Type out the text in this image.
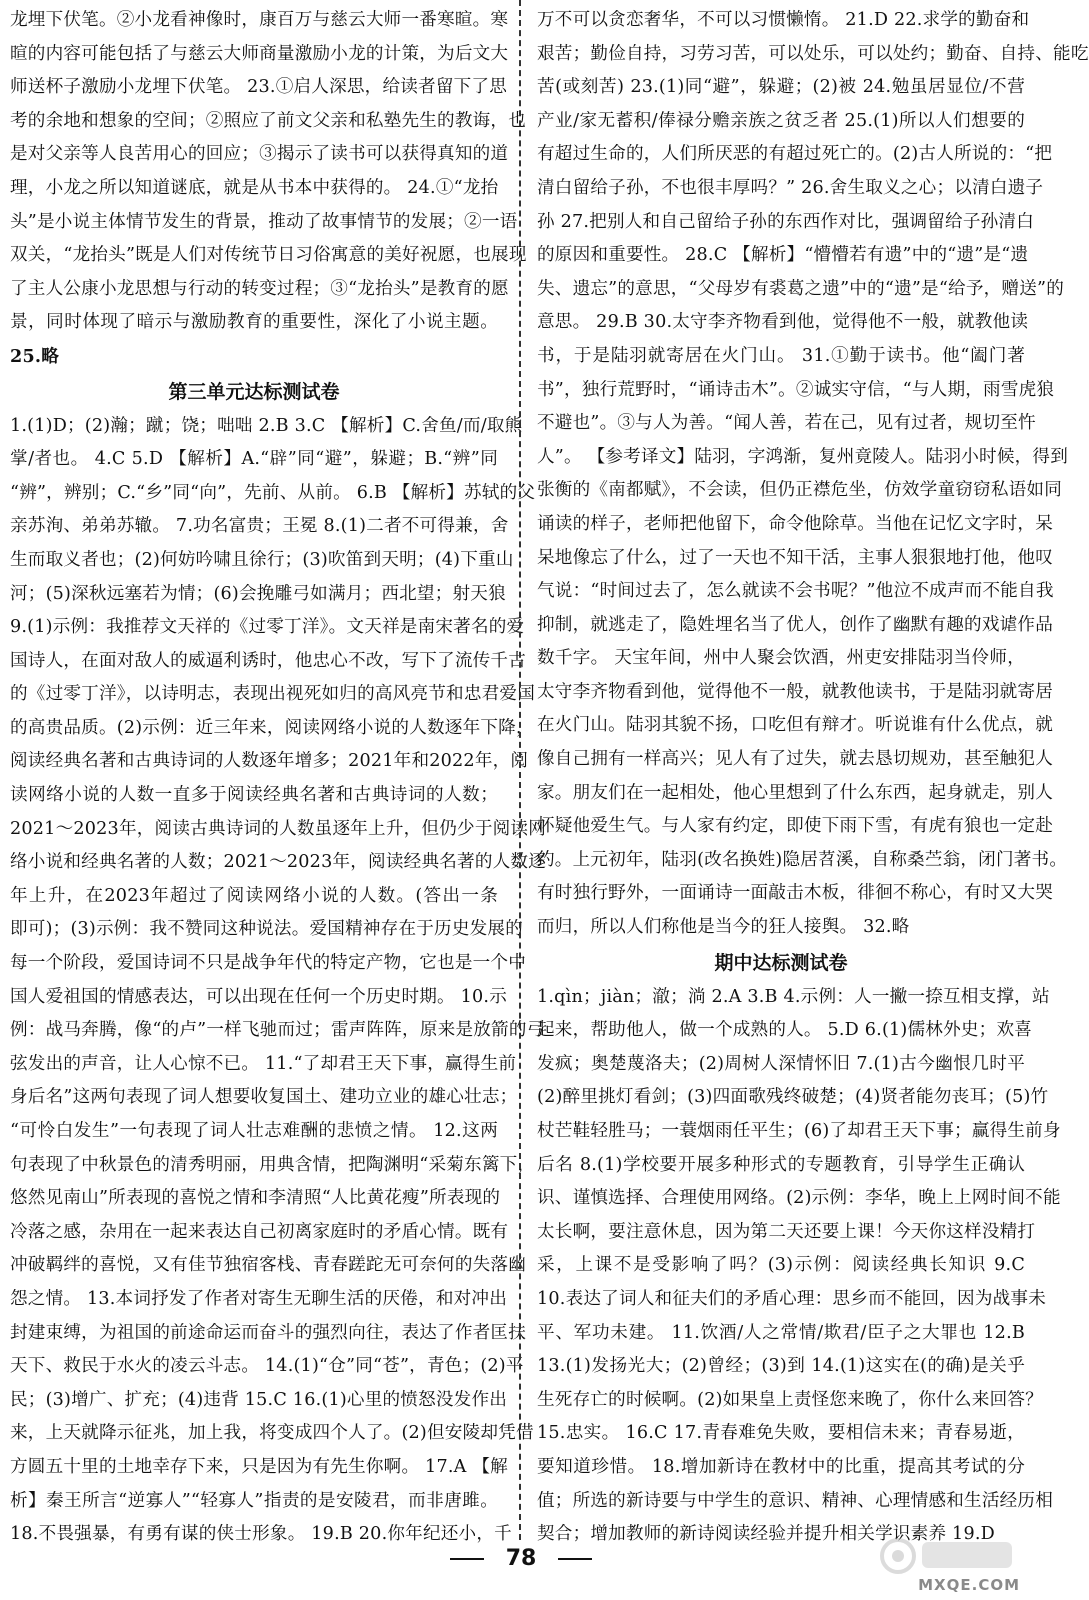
龙埋下伏笔。②小龙看神像时，康百万与慈云大师一番寒暄。寒
暄的内容可能包括了与慈云大师商量激励小龙的计策，为后文大
师送杯子激励小龙埋下伏笔。 23.①启人深思，给读者留下了思
考的余地和想象的空间；②照应了前文父亲和私塾先生的教诲，也
是对父亲等人良苦用心的回应；③揭示了读书可以获得真知的道
理，小龙之所以知道谜底，就是从书本中获得的。 24.①“龙抬
头”是小说主体情节发生的背景，推动了故事情节的发展；②一语
双关，“龙抬头”既是人们对传统节日习俗寓意的美好祝愿，也展现
了主人公康小龙思想与行动的转变过程；③“龙抬头”是教育的愿
景，同时体现了暗示与激励教育的重要性，深化了小说主题。
25.略
第三单元达标测试卷
1.(1)D；(2)瀚；蹴；饶；咄咄 2.B 3.C 【解析】C.舍鱼/而/取熊
掌/者也。 4.C 5.D 【解析】A.“辟”同“避”，躲避；B.“辨”同
“辨”，辨别；C.“乡”同“向”，先前、从前。 6.B 【解析】苏轼的父
亲苏洵、弟弟苏辙。 7.功名富贵；王冕 8.(1)二者不可得兼，舍
生而取义者也；(2)何妨吟啸且徐行；(3)吹笛到天明；(4)下重山
河；(5)深秋远塞若为情；(6)会挽雕弓如满月；西北望；射天狼
9.(1)示例：我推荐文天祥的《过零丁洋》。文天祥是南宋著名的爱
国诗人，在面对敌人的威逼利诱时，他忠心不改，写下了流传千古
的《过零丁洋》，以诗明志，表现出视死如归的高风亮节和忠君爱国
的高贵品质。(2)示例：近三年来，阅读网络小说的人数逐年下降，
阅读经典名著和古典诗词的人数逐年增多；2021年和2022年，阅
读网络小说的人数一直多于阅读经典名著和古典诗词的人数；
2021～2023年，阅读古典诗词的人数虽逐年上升，但仍少于阅读网
络小说和经典名著的人数；2021～2023年，阅读经典名著的人数逐
年上升，在2023年超过了阅读网络小说的人数。(答出一条
即可)；(3)示例：我不赞同这种说法。爱国精神存在于历史发展的
每一个阶段，爱国诗词不只是战争年代的特定产物，它也是一个中
国人爱祖国的情感表达，可以出现在任何一个历史时期。 10.示
例：战马奔腾，像“的卢”一样飞驰而过；雷声阵阵，原来是放箭的弓
弦发出的声音，让人心惊不已。 11.“了却君王天下事，赢得生前
身后名”这两句表现了词人想要收复国土、建功立业的雄心壮志；
“可怜白发生”一句表现了词人壮志难酬的悲愤之情。 12.这两
句表现了中秋景色的清秀明丽，用典含情，把陶渊明“采菊东篱下，
悠然见南山”所表现的喜悦之情和李清照“人比黄花瘦”所表现的
冷落之感，杂用在一起来表达自己初离家庭时的矛盾心情。既有
冲破羁绊的喜悦，又有佳节独宿客栈、青春蹉跎无可奈何的失落幽
怨之情。 13.本词抒发了作者对寄生无聊生活的厌倦，和对冲出
封建束缚，为祖国的前途命运而奋斗的强烈向往，表达了作者匡扶
天下、救民于水火的凌云斗志。 14.(1)“仓”同“苍”，青色；(2)平
民；(3)增广、扩充；(4)违背 15.C 16.(1)心里的愤怒没发作出
来，上天就降示征兆，加上我，将变成四个人了。(2)但安陵却凭借
方圆五十里的土地幸存下来，只是因为有先生你啊。 17.A 【解
析】秦王所言“逆寡人”“轻寡人”指责的是安陵君，而非唐雎。
18.不畏强暴，有勇有谋的侠士形象。 19.B 20.你年纪还小，千
万不可以贪恋奢华，不可以习惯懒惰。 21.D 22.求学的勤奋和
艰苦；勤俭自持，习劳习苦，可以处乐，可以处约；勤奋、自持、能吃
苦(或刻苦) 23.(1)同“避”，躲避；(2)被 24.勉虽居显位/不营
产业/家无蓄积/俸禄分赡亲族之贫乏者 25.(1)所以人们想要的
有超过生命的，人们所厌恶的有超过死亡的。(2)古人所说的：“把
清白留给子孙，不也很丰厚吗？” 26.舍生取义之心；以清白遗子
孙 27.把别人和自己留给子孙的东西作对比，强调留给子孙清白
的原因和重要性。 28.C 【解析】“懵懵若有遗”中的“遗”是“遗
失、遗忘”的意思，“父母岁有裘葛之遗”中的“遗”是“给予，赠送”的
意思。 29.B 30.太守李齐物看到他，觉得他不一般，就教他读
书，于是陆羽就寄居在火门山。 31.①勤于读书。他“阖门著
书”，独行荒野时，“诵诗击木”。②诚实守信，“与人期，雨雪虎狼
不避也”。③与人为善。“闻人善，若在己，见有过者，规切至忤
人”。 【参考译文】陆羽，字鸿渐，复州竟陵人。陆羽小时候，得到
张衡的《南都赋》，不会读，但仍正襟危坐，仿效学童窃窃私语如同
诵读的样子，老师把他留下，命令他除草。当他在记忆文字时，呆
呆地像忘了什么，过了一天也不知干活，主事人狠狠地打他，他叹
气说：“时间过去了，怎么就读不会书呢？”他泣不成声而不能自我
抑制，就逃走了，隐姓埋名当了优人，创作了幽默有趣的戏谑作品
数千字。 天宝年间，州中人聚会饮酒，州吏安排陆羽当伶师，
太守李齐物看到他，觉得他不一般，就教他读书，于是陆羽就寄居
在火门山。陆羽其貌不扬，口吃但有辩才。听说谁有什么优点，就
像自己拥有一样高兴；见人有了过失，就去恳切规劝，甚至触犯人
家。朋友们在一起相处，他心里想到了什么东西，起身就走，别人
怀疑他爱生气。与人家有约定，即使下雨下雪，有虎有狼也一定赴
约。上元初年，陆羽(改名换姓)隐居苕溪，自称桑苎翁，闭门著书。
有时独行野外，一面诵诗一面敲击木板，徘徊不称心，有时又大哭
而归，所以人们称他是当今的狂人接舆。 32.略
期中达标测试卷
1.qìn；jiàn；澈；淌 2.A 3.B 4.示例：人一撇一捺互相支撑，站
起来，帮助他人，做一个成熟的人。 5.D 6.(1)儒林外史；欢喜
发疯；奥楚蔑洛夫；(2)周树人深情怀旧 7.(1)古今幽恨几时平
(2)醉里挑灯看剑；(3)四面歌残终破楚；(4)贤者能勿丧耳；(5)竹
杖芒鞋轻胜马；一蓑烟雨任平生；(6)了却君王天下事；赢得生前身
后名 8.(1)学校要开展多种形式的专题教育，引导学生正确认
识、谨慎选择、合理使用网络。(2)示例：李华，晚上上网时间不能
太长啊，要注意休息，因为第二天还要上课！今天你这样没精打
采，上课不是受影响了吗？(3)示例：阅读经典长知识 9.C
10.表达了词人和征夫们的矛盾心理：思乡而不能回，因为战事未
平、军功未建。 11.饮酒/人之常情/欺君/臣子之大罪也 12.B
13.(1)发扬光大；(2)曾经；(3)到 14.(1)这实在(的确)是关乎
生死存亡的时候啊。(2)如果皇上责怪您来晚了，你什么来回答？
15.忠实。 16.C 17.青春难免失败，要相信未来；青春易逝，
要知道珍惜。 18.增加新诗在教材中的比重，提高其考试的分
值；所选的新诗要与中学生的意识、精神、心理情感和生活经历相
契合；增加教师的新诗阅读经验并提升相关学识素养 19.D
78
MXQE.COM
